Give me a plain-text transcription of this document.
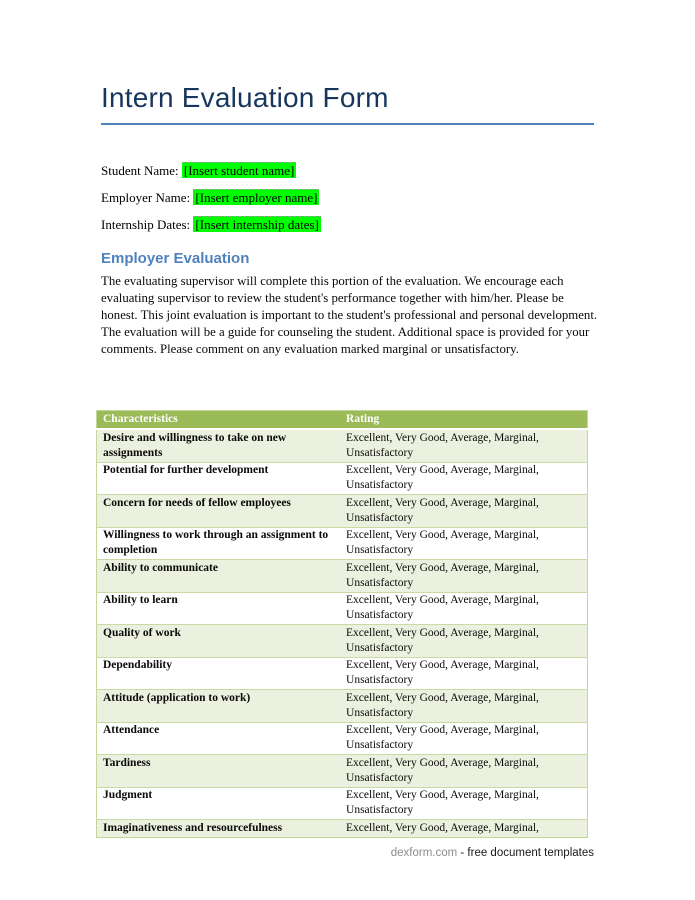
Intern Evaluation Form
Student Name: [Insert student name]
Employer Name: [Insert employer name]
Internship Dates: [Insert internship dates]
Employer Evaluation
The evaluating supervisor will complete this portion of the evaluation. We encourage each evaluating supervisor to review the student's performance together with him/her. Please be honest. This joint evaluation is important to the student's professional and personal development. The evaluation will be a guide for counseling the student. Additional space is provided for your comments. Please comment on any evaluation marked marginal or unsatisfactory.
Characteristics	Rating
Desire and willingness to take on new assignments	Excellent, Very Good, Average, Marginal, Unsatisfactory
Potential for further development	Excellent, Very Good, Average, Marginal, Unsatisfactory
Concern for needs of fellow employees	Excellent, Very Good, Average, Marginal, Unsatisfactory
Willingness to work through an assignment to completion	Excellent, Very Good, Average, Marginal, Unsatisfactory
Ability to communicate	Excellent, Very Good, Average, Marginal, Unsatisfactory
Ability to learn	Excellent, Very Good, Average, Marginal, Unsatisfactory
Quality of work	Excellent, Very Good, Average, Marginal, Unsatisfactory
Dependability	Excellent, Very Good, Average, Marginal, Unsatisfactory
Attitude (application to work)	Excellent, Very Good, Average, Marginal, Unsatisfactory
Attendance	Excellent, Very Good, Average, Marginal, Unsatisfactory
Tardiness	Excellent, Very Good, Average, Marginal, Unsatisfactory
Judgment	Excellent, Very Good, Average, Marginal, Unsatisfactory
Imaginativeness and resourcefulness	Excellent, Very Good, Average, Marginal,
dexform.com - free document templates
